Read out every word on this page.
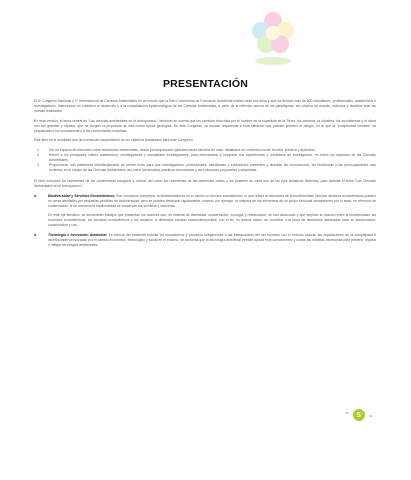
PRESENTACIÓN

El 5º Congreso Nacional y 1º Internacional de Ciencias Ambientales es un evento que la Red Colombiana de Formación Ambiental realiza cada dos años y que ha reunido más de 800 estudiantes, profesionales, académicos e investigadores, interesados en contribuir al desarrollo y a la consolidación epistemológica de las Ciencias Ambientales, a partir de la reflexión acerca de los paradigmas, sus objetos de estudio, métodos y desafíos ante las nuevas realidades.

En esta versión, el tema central es "Las ciencias ambientales en el Antropoceno", teniendo en cuenta que los cambios inducidos por el hombre en la superficie de la Tierra, los océanos, la criósfera, los ecosistemas y el clima son tan grandes y rápidos, que ha surgido la propuesta de una nueva época geológica. En este Congreso, se buscan respuestas a esta situación que pueden prevenir el peligro, en el que la "prosperidad humana" ha perjudicado a los ecosistemas y a las comunidades excluidas.

Este libro es el resultado que da cuenta del cumplimiento de los objetivos planteados para este Congreso:

1.	Ser un espacio de discusión sobre situaciones ambientales, desde preocupaciones globales hasta estudios de caso, detallados en contextos social, técnica, práctica y aplicados.
2.	Reunir a los principales líderes académicos, investigadores y estudiantes investigadores, para intercambiar y compartir sus experiencias y resultados de investigación, en todos los aspectos de las Ciencias Ambientales.
3.	Proporcionar una plataforma interdisciplinaria, de primer nivel, para que investigadores, profesionales, estudiantes y educadores presenten y discutan las innovaciones, las tendencias y las preocupaciones más recientes en el campo de las Ciencias Ambientales, así como los desafíos prácticos encontrados y las soluciones propuestas y adoptadas.

El libro incorpora los resúmenes de las conferencias inaugural y central, así como los resúmenes de las ponencias orales y los pósteres de cada uno de los ejes temáticos definidos, para abordar el tema "Las Ciencias Ambientales en el Antropoceno":

a.	Biodiversidad y Servicios Ecosistémicos: Son conceptos complejos, la biodiversidad es en sí mismo un servicio ecosistémico, lo que refleja la relevancia de la biodiversidad. Muchos servicios ecosistémicos pueden no verse afectados por pequeñas pérdidas de biodiversidad, pero se pueden deteriorar rápidamente, cuando, por ejemplo, la mayoría de los elementos de un grupo funcional desaparecen por lo tanto, en términos de conservación, si se conserva la biodiversidad se conservan los servicios y viceversa.

En este eje temático, se encuentran trabajos que presentan los avances que, en materia de diversidad, conservación, ecología y restauración, se han alcanzado y que amplían la relación entre la biodiversidad, las funciones ecosistémicas, los servicios ecosistémicos y los usuarios, a diferentes escalas espaciotemporales; con el fin, en ambos casos, de contribuir a la toma de decisiones adecuadas para su preservación, conservación y uso.

b.	Tecnología e Innovación Ambiental: La ciencia del ambiente estudia los mecanismos y procesos subyacentes a las interacciones del ser humano con el entorno natural, las implicaciones de la complejidad e incertidumbre provocadas por el cambio económico, tecnológico y social en el entorno, de tal forma que la tecnología ambiental permite aplicar este conocimiento y contar las medidas necesarias para prevenir, reparar o mitigar los riesgos ambientales.
⌃	5	⌄
